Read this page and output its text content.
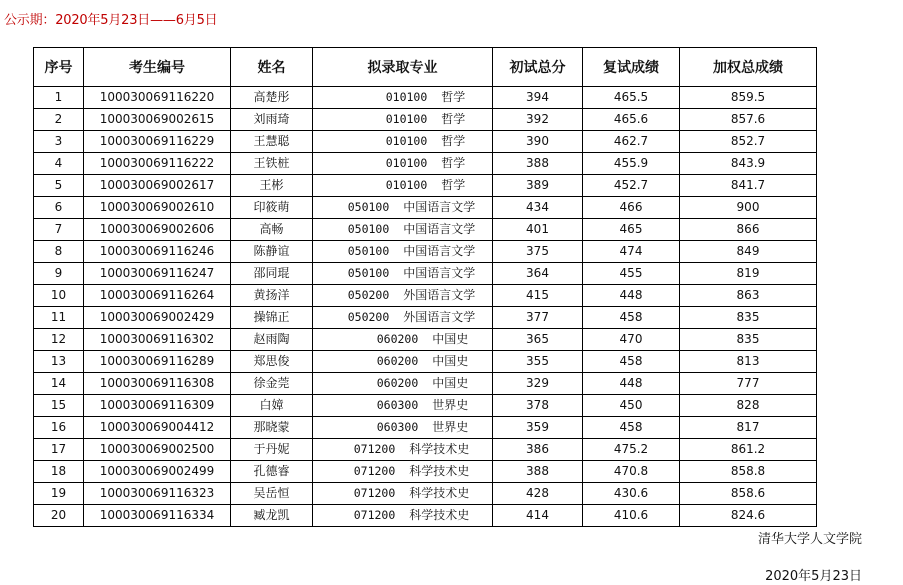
公示期：2020年5月23日——6月5日
序号	考生编号	姓名	拟录取专业	初试总分	复试成绩	加权总成绩
1	100030069116220	高楚彤	010100 哲学	394	465.5	859.5
2	100030069002615	刘雨琦	010100 哲学	392	465.6	857.6
3	100030069116229	王慧聪	010100 哲学	390	462.7	852.7
4	100030069116222	王铁桩	010100 哲学	388	455.9	843.9
5	100030069002617	王彬	010100 哲学	389	452.7	841.7
6	100030069002610	印筱萌	050100 中国语言文学	434	466	900
7	100030069002606	高畅	050100 中国语言文学	401	465	866
8	100030069116246	陈静谊	050100 中国语言文学	375	474	849
9	100030069116247	邵同琨	050100 中国语言文学	364	455	819
10	100030069116264	黄扬洋	050200 外国语言文学	415	448	863
11	100030069002429	操锦正	050200 外国语言文学	377	458	835
12	100030069116302	赵雨陶	060200 中国史	365	470	835
13	100030069116289	郑思俊	060200 中国史	355	458	813
14	100030069116308	徐金莞	060200 中国史	329	448	777
15	100030069116309	白嫜	060300 世界史	378	450	828
16	100030069004412	那晓蒙	060300 世界史	359	458	817
17	100030069002500	于丹妮	071200 科学技术史	386	475.2	861.2
18	100030069002499	孔德睿	071200 科学技术史	388	470.8	858.8
19	100030069116323	吴岳恒	071200 科学技术史	428	430.6	858.6
20	100030069116334	臧龙凯	071200 科学技术史	414	410.6	824.6
清华大学人文学院
2020年5月23日
